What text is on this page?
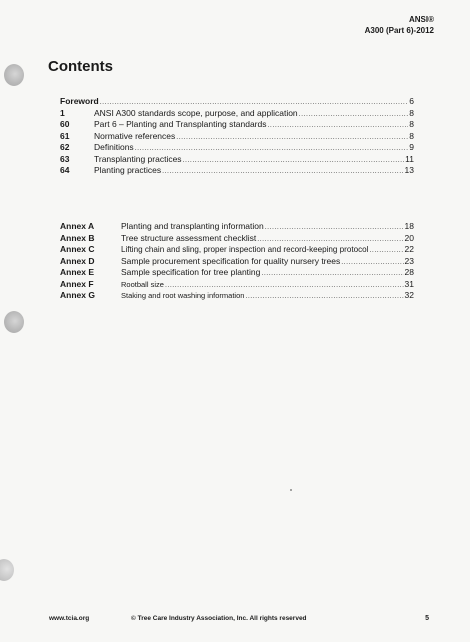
ANSI®
A300 (Part 6)-2012
Contents
Foreword .....	6
1	ANSI A300 standards scope, purpose, and application .....	8
60	Part 6 – Planting and Transplanting standards .....	8
61	Normative references .....	8
62	Definitions .....	9
63	Transplanting practices .....	11
64	Planting practices .....	13
Annex A	Planting and transplanting information .....	18
Annex B	Tree structure assessment checklist .....	20
Annex C	Lifting chain and sling, proper inspection and record-keeping protocol .....	22
Annex D	Sample procurement specification for quality nursery trees .....	23
Annex E	Sample specification for tree planting .....	28
Annex F	Rootball size .....	31
Annex G	Staking and root washing information .....	32
www.tcia.org	© Tree Care Industry Association, Inc. All rights reserved	5
